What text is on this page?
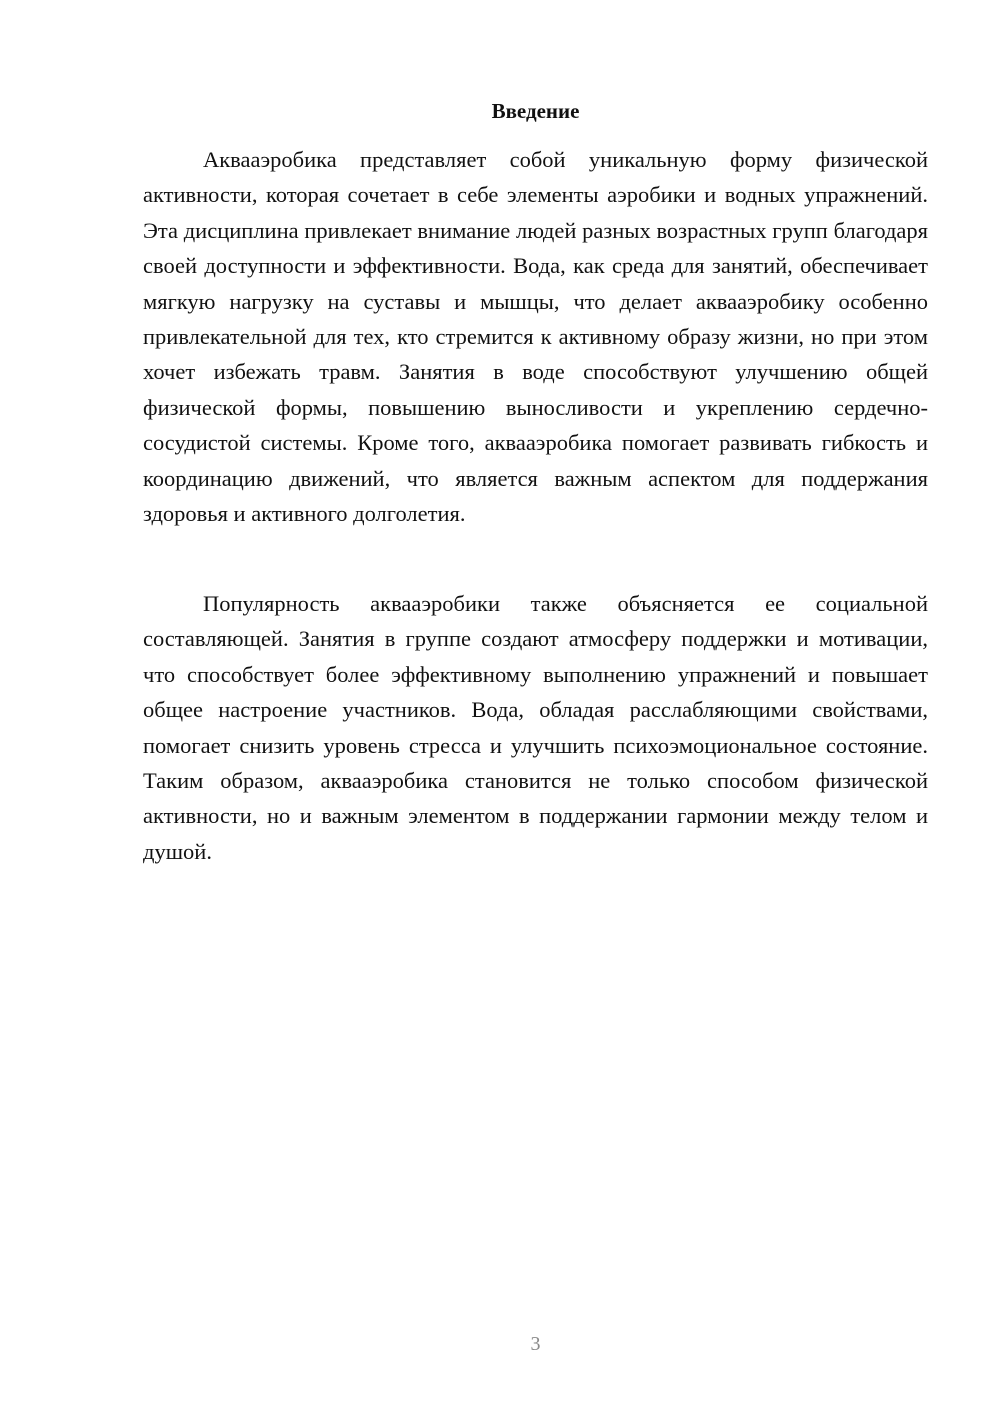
Введение

Аквааэробика представляет собой уникальную форму физической активности, которая сочетает в себе элементы аэробики и водных упражнений. Эта дисциплина привлекает внимание людей разных возрастных групп благодаря своей доступности и эффективности. Вода, как среда для занятий, обеспечивает мягкую нагрузку на суставы и мышцы, что делает аквааэробику особенно привлекательной для тех, кто стремится к активному образу жизни, но при этом хочет избежать травм. Занятия в воде способствуют улучшению общей физической формы, повышению выносливости и укреплению сердечно-сосудистой системы. Кроме того, аквааэробика помогает развивать гибкость и координацию движений, что является важным аспектом для поддержания здоровья и активного долголетия.

Популярность аквааэробики также объясняется ее социальной составляющей. Занятия в группе создают атмосферу поддержки и мотивации, что способствует более эффективному выполнению упражнений и повышает общее настроение участников. Вода, обладая расслабляющими свойствами, помогает снизить уровень стресса и улучшить психоэмоциональное состояние. Таким образом, аквааэробика становится не только способом физической активности, но и важным элементом в поддержании гармонии между телом и душой.

3
